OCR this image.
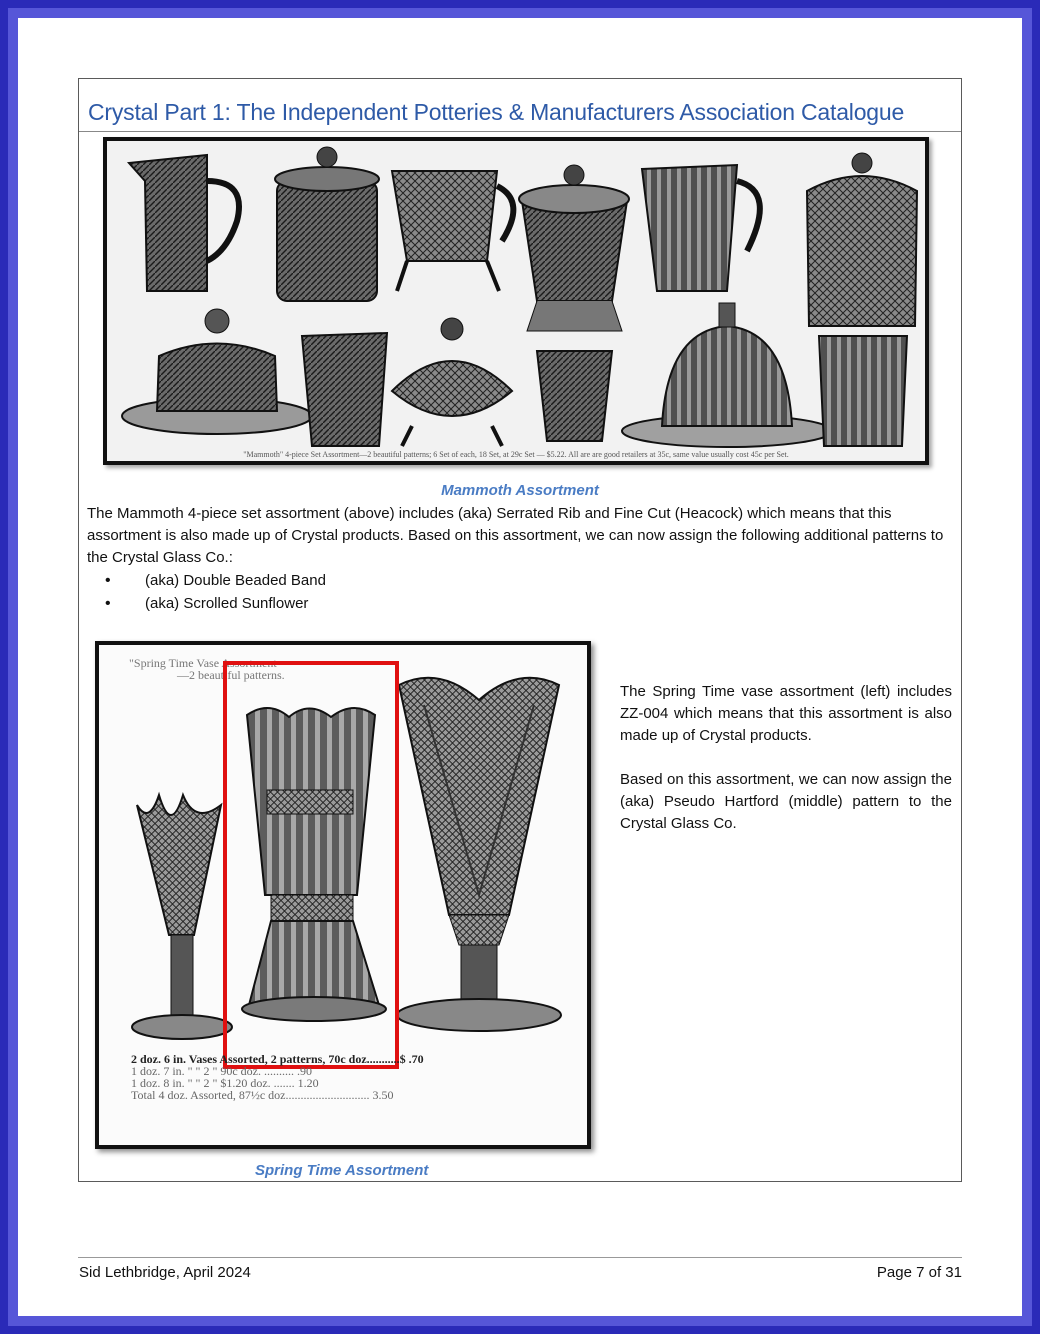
Crystal Part 1: The Independent Potteries & Manufacturers Association Catalogue
"Mammoth" 4-piece Set Assortment—2 beautiful patterns; 6 Set of each, 18 Set, at 29c Set — $5.22. All are are good retailers at 35c, same value usually cost 45c per Set.
Mammoth Assortment

The Mammoth 4-piece set assortment (above) includes (aka) Serrated Rib and Fine Cut (Heacock) which means that this assortment is also made up of Crystal products. Based on this assortment, we can now assign the following additional patterns to the Crystal Glass Co.:

• (aka) Double Beaded Band
• (aka) Scrolled Sunflower
"Spring Time Vase Assortment
—2 beautiful patterns.
2 doz. 6 in. Vases Assorted, 2 patterns, 70c doz...........$ .70
1 doz. 7 in. " " 2 " 90c doz. .......... .90
1 doz. 8 in. " " 2 " $1.20 doz. ....... 1.20
Total 4 doz. Assorted, 87½c doz............................ 3.50
Spring Time Assortment

The Spring Time vase assortment (left) includes ZZ-004 which means that this assortment is also made up of Crystal products.

Based on this assortment, we can now assign the (aka) Pseudo Hartford (middle) pattern to the Crystal Glass Co.

Sid Lethbridge, April 2024	Page 7 of 31
